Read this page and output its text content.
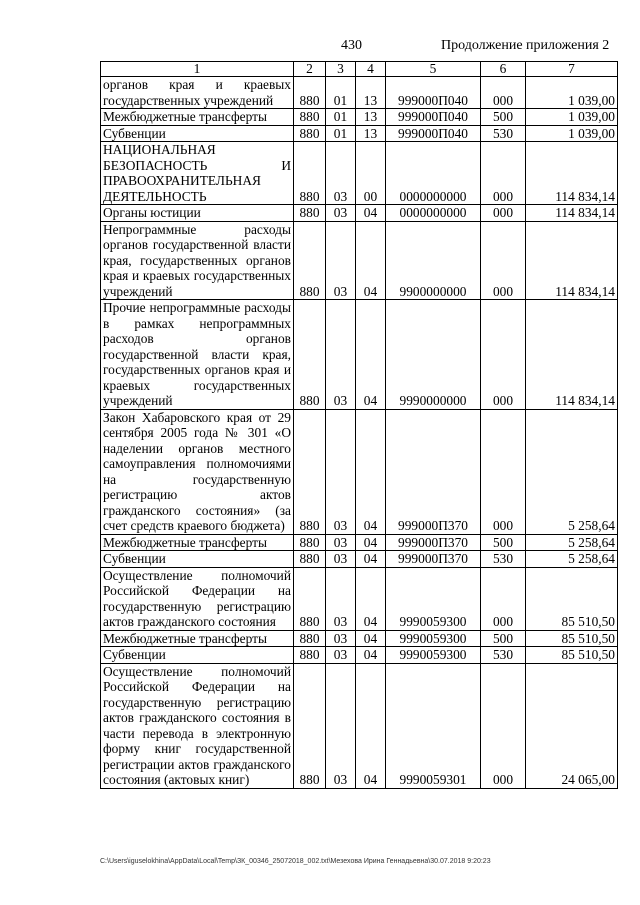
430	Продолжение приложения 2
1	2	3	4	5	6	7
органов края и краевых государственных учреждений	880	01	13	999000П040	000	1 039,00
Межбюджетные трансферты	880	01	13	999000П040	500	1 039,00
Субвенции	880	01	13	999000П040	530	1 039,00
НАЦИОНАЛЬНАЯ БЕЗОПАСНОСТЬ И ПРАВООХРАНИТЕЛЬНАЯ ДЕЯТЕЛЬНОСТЬ	880	03	00	0000000000	000	114 834,14
Органы юстиции	880	03	04	0000000000	000	114 834,14
Непрограммные расходы органов государственной власти края, государственных органов края и краевых государственных учреждений	880	03	04	9900000000	000	114 834,14
Прочие непрограммные расходы в рамках непрограммных расходов органов государственной власти края, государственных органов края и краевых государственных учреждений	880	03	04	9990000000	000	114 834,14
Закон Хабаровского края от 29 сентября 2005 года № 301 «О наделении органов местного самоуправления полномочиями на государственную регистрацию актов гражданского состояния» (за счет средств краевого бюджета)	880	03	04	999000П370	000	5 258,64
Межбюджетные трансферты	880	03	04	999000П370	500	5 258,64
Субвенции	880	03	04	999000П370	530	5 258,64
Осуществление полномочий Российской Федерации на государственную регистрацию актов гражданского состояния	880	03	04	9990059300	000	85 510,50
Межбюджетные трансферты	880	03	04	9990059300	500	85 510,50
Субвенции	880	03	04	9990059300	530	85 510,50
Осуществление полномочий Российской Федерации на государственную регистрацию актов гражданского состояния в части перевода в электронную форму книг государственной регистрации актов гражданского состояния (актовых книг)	880	03	04	9990059301	000	24 065,00
C:\Users\iguselokhina\AppData\Local\Temp\ЗК_00346_25072018_002.txt\Мезехова Ирина Геннадьевна\30.07.2018 9:20:23
